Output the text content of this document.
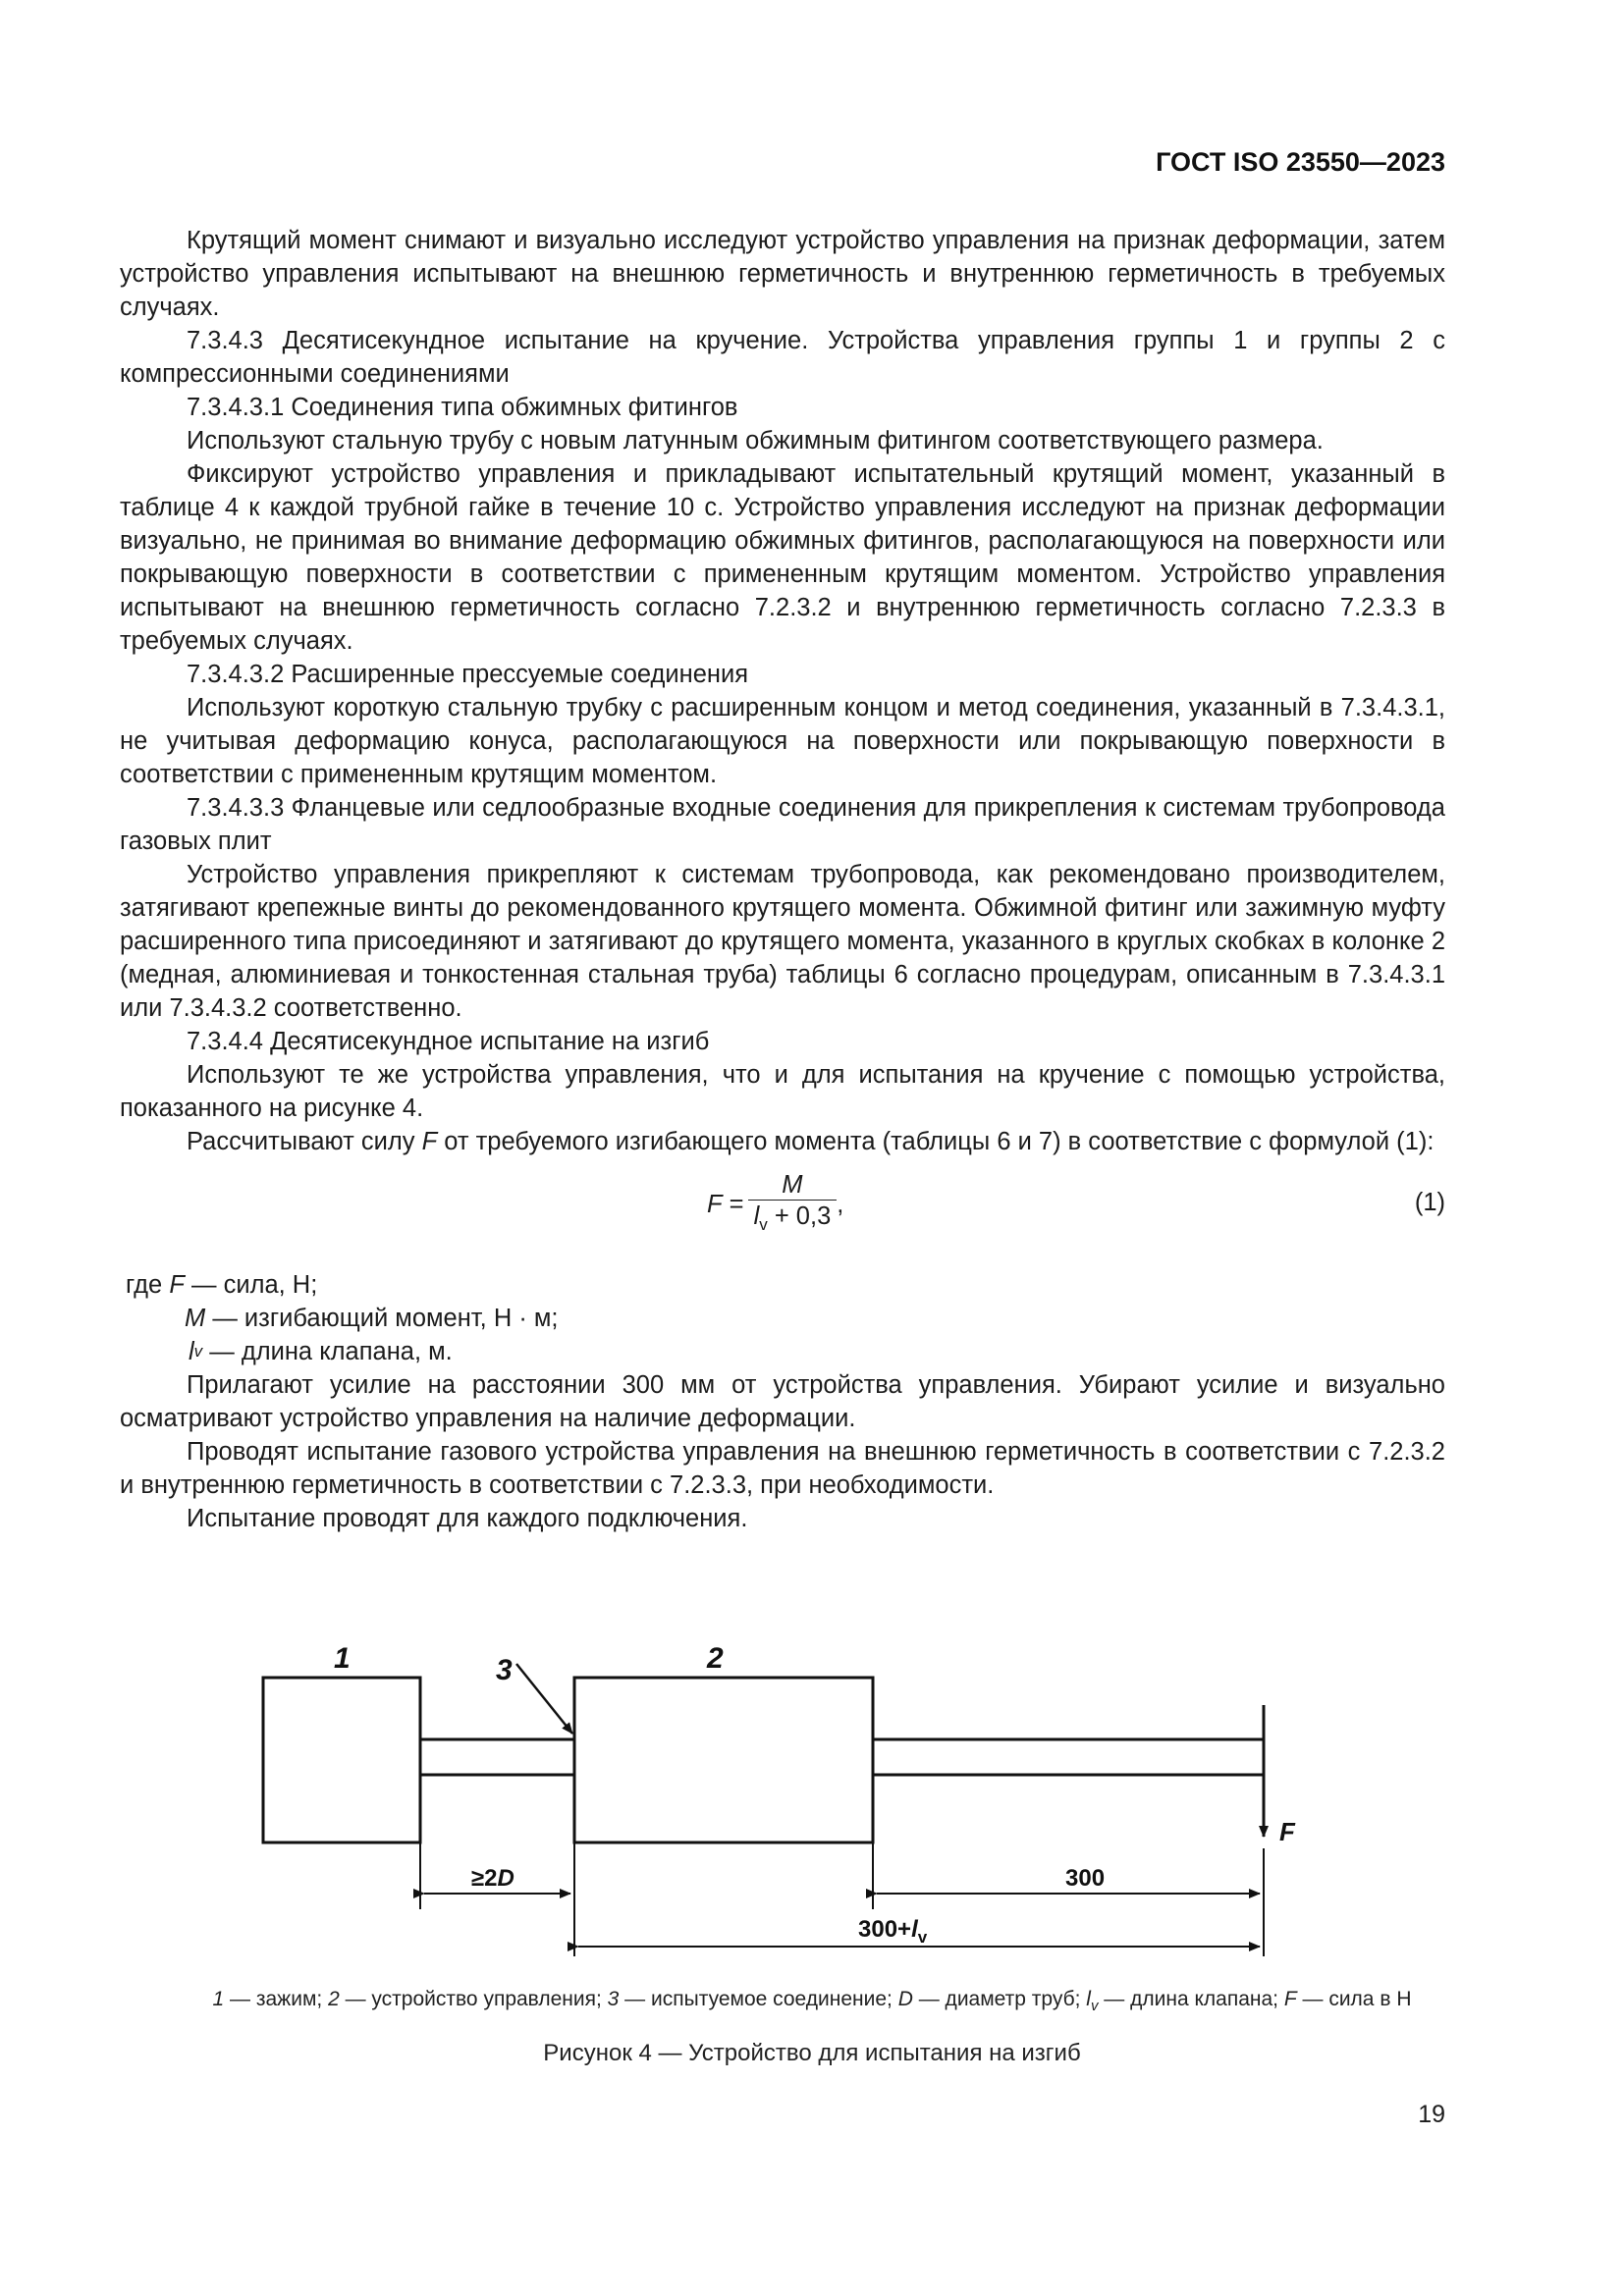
ГОСТ ISO 23550—2023

Крутящий момент снимают и визуально исследуют устройство управления на признак деформации, затем устройство управления испытывают на внешнюю герметичность и внутреннюю герметичность в требуемых случаях.

7.3.4.3 Десятисекундное испытание на кручение. Устройства управления группы 1 и группы 2 с компрессионными соединениями

7.3.4.3.1 Соединения типа обжимных фитингов

Используют стальную трубу с новым латунным обжимным фитингом соответствующего размера.

Фиксируют устройство управления и прикладывают испытательный крутящий момент, указанный в таблице 4 к каждой трубной гайке в течение 10 с. Устройство управления исследуют на признак деформации визуально, не принимая во внимание деформацию обжимных фитингов, располагающуюся на поверхности или покрывающую поверхности в соответствии с примененным крутящим моментом. Устройство управления испытывают на внешнюю герметичность согласно 7.2.3.2 и внутреннюю герметичность согласно 7.2.3.3 в требуемых случаях.

7.3.4.3.2 Расширенные прессуемые соединения

Используют короткую стальную трубку с расширенным концом и метод соединения, указанный в 7.3.4.3.1, не учитывая деформацию конуса, располагающуюся на поверхности или покрывающую поверхности в соответствии с примененным крутящим моментом.

7.3.4.3.3 Фланцевые или седлообразные входные соединения для прикрепления к системам трубопровода газовых плит

Устройство управления прикрепляют к системам трубопровода, как рекомендовано производителем, затягивают крепежные винты до рекомендованного крутящего момента. Обжимной фитинг или зажимную муфту расширенного типа присоединяют и затягивают до крутящего момента, указанного в круглых скобках в колонке 2 (медная, алюминиевая и тонкостенная стальная труба) таблицы 6 согласно процедурам, описанным в 7.3.4.3.1 или 7.3.4.3.2 соответственно.

7.3.4.4 Десятисекундное испытание на изгиб

Используют те же устройства управления, что и для испытания на кручение с помощью устройства, показанного на рисунке 4.

Рассчитывают силу F от требуемого изгибающего момента (таблицы 6 и 7) в соответствие с формулой (1):

$F = \frac{M}{l_v + 0,3}$ ,	(1)
где
F
— сила, Н;
M
— изгибающий момент, Н · м;
l v
— длина клапана, м.

Прилагают усилие на расстоянии 300 мм от устройства управления. Убирают усилие и визуально осматривают устройство управления на наличие деформации.

Проводят испытание газового устройства управления на внешнюю герметичность в соответствии с 7.2.3.2 и внутреннюю герметичность в соответствии с 7.2.3.3, при необходимости.

Испытание проводят для каждого подключения.

1	2
3
F
≥2D	300
$300+l_v$
1 — зажим; 2 — устройство управления; 3 — испытуемое соединение; D — диаметр труб; $l_v$ — длина клапана; F — сила в Н
Рисунок 4 — Устройство для испытания на изгиб
19
